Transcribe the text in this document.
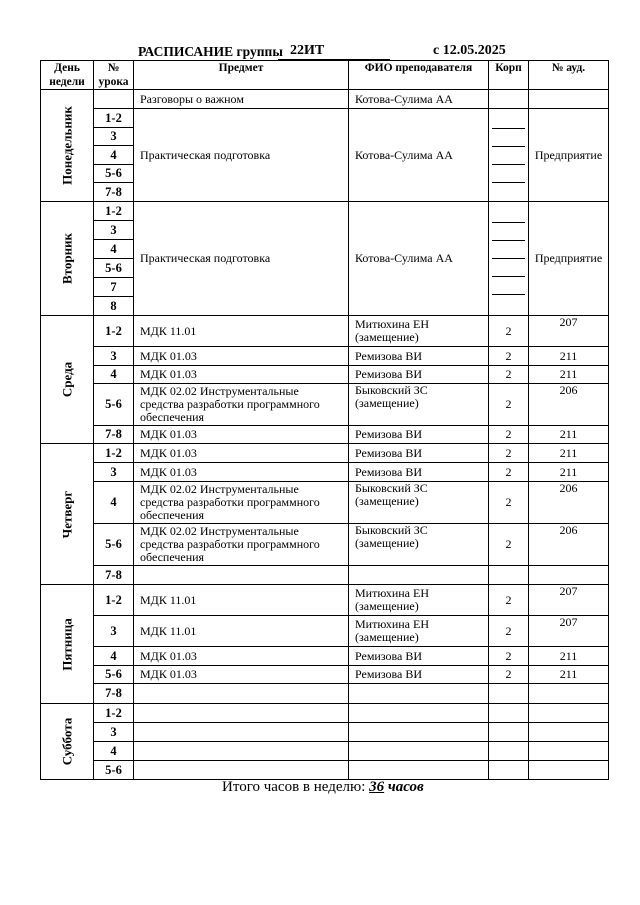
РАСПИСАНИЕ группы 22ИТ	с 12.05.2025
День недели	№ урока	Предмет	ФИО преподавателя	Корп	№ ауд.

Понедельник		Разговоры о важном	Котова-Сулима АА		
	1-2	Практическая подготовка	Котова-Сулима АА		Предприятие
	3				
	4				
	5-6				
	7-8				

Вторник	1-2	Практическая подготовка	Котова-Сулима АА		Предприятие
	3				
	4				
	5-6				
	7				
	8				

Среда	1-2	МДК 11.01	Митюхина ЕН (замещение)	2	207
	3	МДК 01.03	Ремизова ВИ	2	211
	4	МДК 01.03	Ремизова ВИ	2	211
	5-6	МДК 02.02 Инструментальные средства разработки программного обеспечения	Быковский ЗС (замещение)	2	206
	7-8	МДК 01.03	Ремизова ВИ	2	211

Четверг	1-2	МДК 01.03	Ремизова ВИ	2	211
	3	МДК 01.03	Ремизова ВИ	2	211
	4	МДК 02.02 Инструментальные средства разработки программного обеспечения	Быковский ЗС (замещение)	2	206
	5-6	МДК 02.02 Инструментальные средства разработки программного обеспечения	Быковский ЗС (замещение)	2	206
	7-8				

Пятница	1-2	МДК 11.01	Митюхина ЕН (замещение)	2	207
	3	МДК 11.01	Митюхина ЕН (замещение)	2	207
	4	МДК 01.03	Ремизова ВИ	2	211
	5-6	МДК 01.03	Ремизова ВИ	2	211
	7-8				

Суббота	1-2				
	3				
	4				
	5-6				
Итого часов в неделю: 36 часов
